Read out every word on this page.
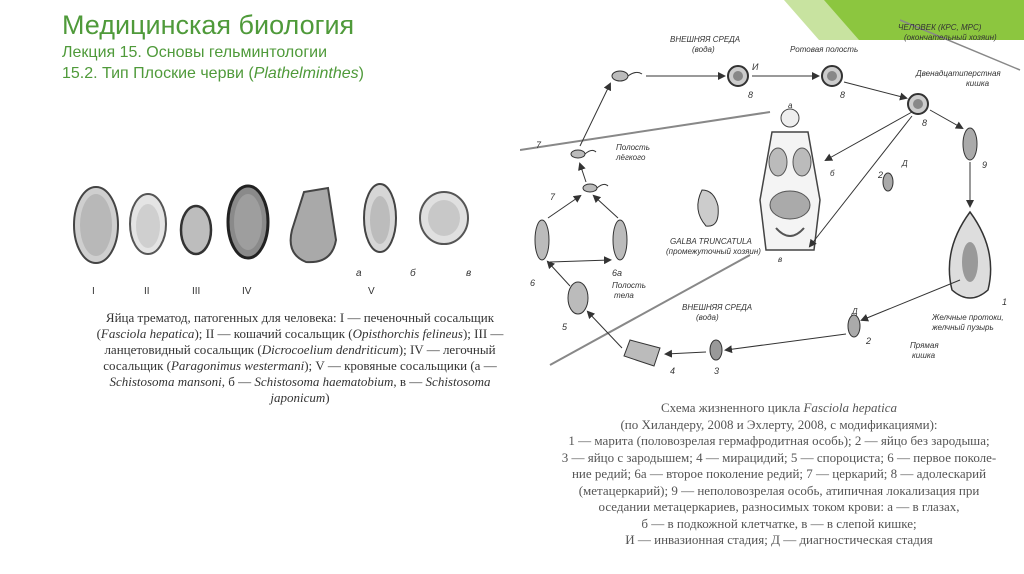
Медицинская биология
Лекция 15. Основы гельминтологии
15.2. Тип Плоские черви (Plathelminthes)
I	II	III	IV	V
а	б	в
Яйца трематод, патогенных для человека: I — печеночный сосальщик (Fasciola hepatica); II — кошачий сосальщик (Opisthorchis felineus); III — ланцетовидный сосальщик (Dicrocoelium dendriticum); IV — легочный сосальщик (Paragonimus westermani); V — кровяные сосальщики (а — Schistosoma mansoni, б — Schistosoma haematobium, в — Schistosoma japonicum)
ВНЕШНЯЯ СРЕДА
(вода)
ЧЕЛОВЕК (КРС, МРС)
(окончательный хозяин)
Ротовая полость
Двенадцатиперстная
кишка
И
8	8
8
а
б
в
9
1
Желчные протоки,
желчный пузырь
Д
2
Д
2	Прямая
кишка
ВНЕШНЯЯ СРЕДА
(вода)
3
4
Полость
тела
GALBA TRUNCATULA
(промежуточный хозяин)
5
6
6а
7
7	Полость
лёгкого
Схема жизненного цикла Fasciola hepatica
(по Хиландеру, 2008 и Эхлерту, 2008, с модификациями):
1 — марита (половозрелая гермафродитная особь); 2 — яйцо без зародыша;
3 — яйцо с зародышем; 4 — мирацидий; 5 — спороциста; 6 — первое поколе-
ние редий; 6а — второе поколение редий; 7 — церкарий; 8 — адолескарий
(метацеркарий); 9 — неполовозрелая особь, атипичная локализация при
оседании метацеркариев, разносимых током крови: а — в глазах,
б — в подкожной клетчатке, в — в слепой кишке;
И — инвазионная стадия; Д — диагностическая стадия
